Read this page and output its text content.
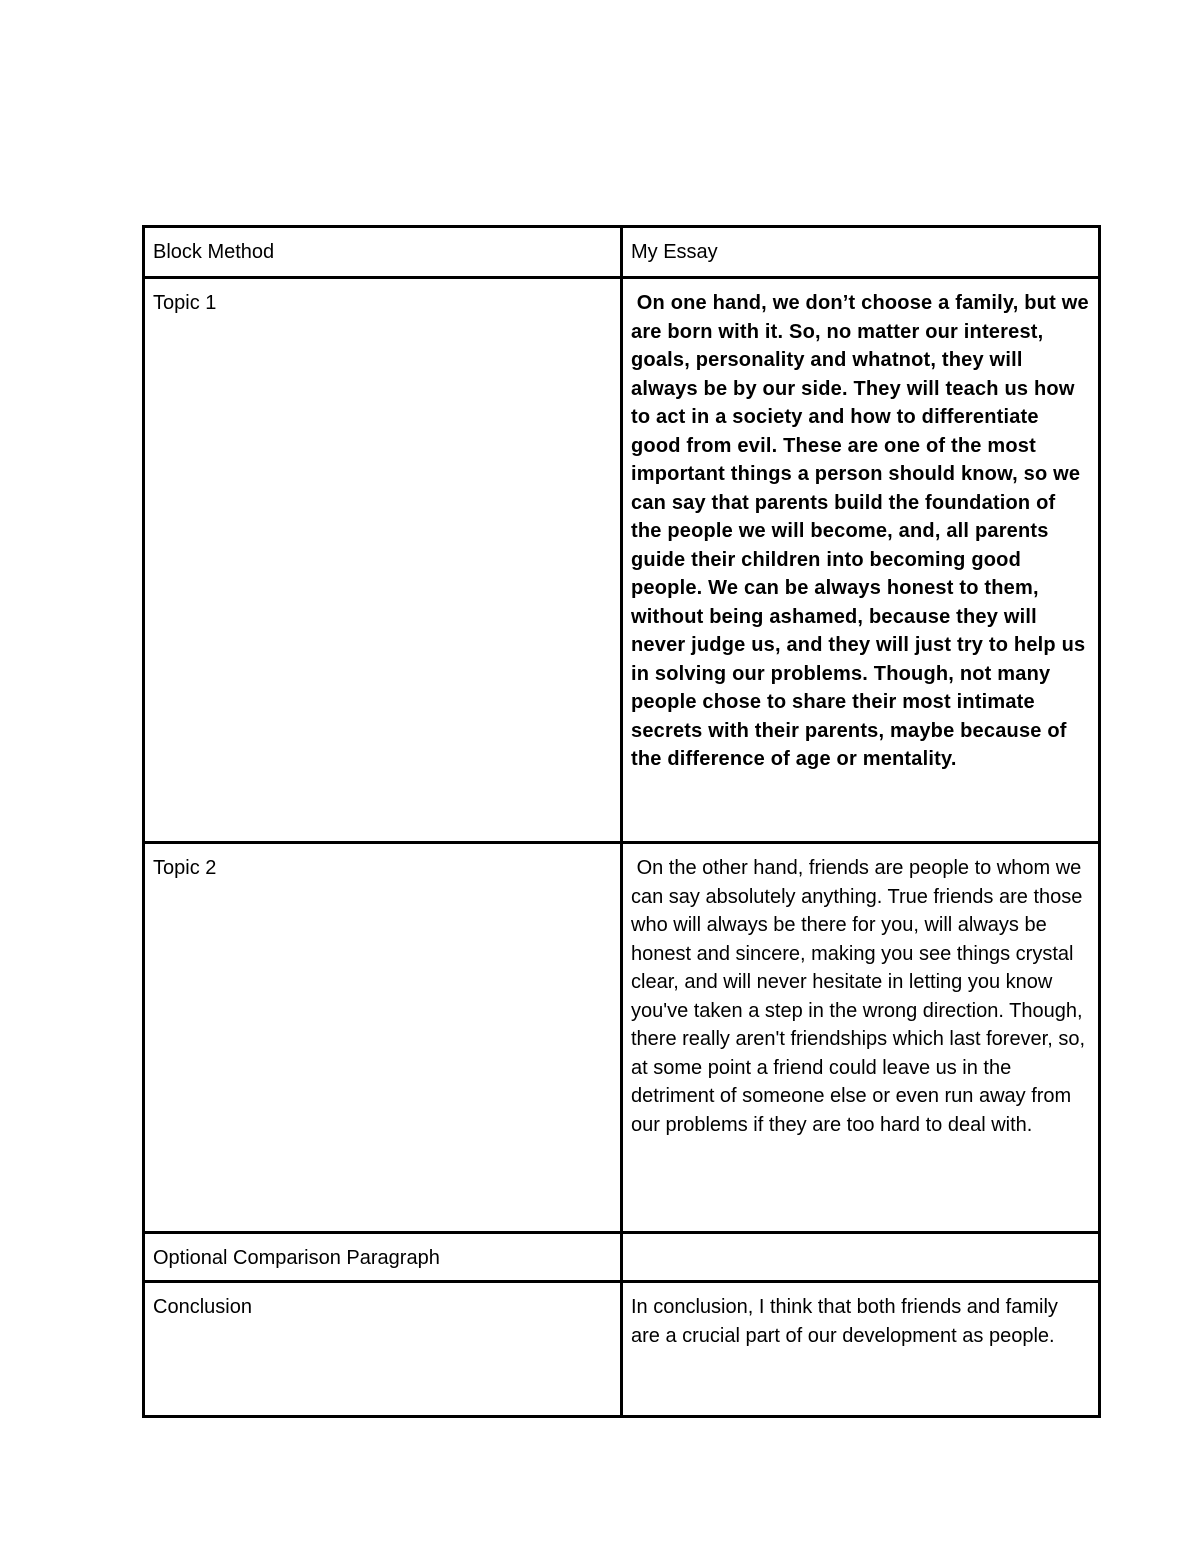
Block Method	My Essay

Topic 1	On one hand, we don’t choose a family, but we are born with it. So, no matter our interest, goals, personality and whatnot, they will always be by our side. They will teach us how to act in a society and how to differentiate good from evil. These are one of the most important things a person should know, so we can say that parents build the foundation of the people we will become, and, all parents guide their children into becoming good people. We can be always honest to them, without being ashamed, because they will never judge us, and they will just try to help us in solving our problems. Though, not many people chose to share their most intimate secrets with their parents, maybe because of the difference of age or mentality.

Topic 2	On the other hand, friends are people to whom we can say absolutely anything. True friends are those who will always be there for you, will always be honest and sincere, making you see things crystal clear, and will never hesitate in letting you know you've taken a step in the wrong direction. Though, there really aren't friendships which last forever, so, at some point a friend could leave us in the detriment of someone else or even run away from our problems if they are too hard to deal with.

Optional Comparison Paragraph	

Conclusion	In conclusion, I think that both friends and family are a crucial part of our development as people.
